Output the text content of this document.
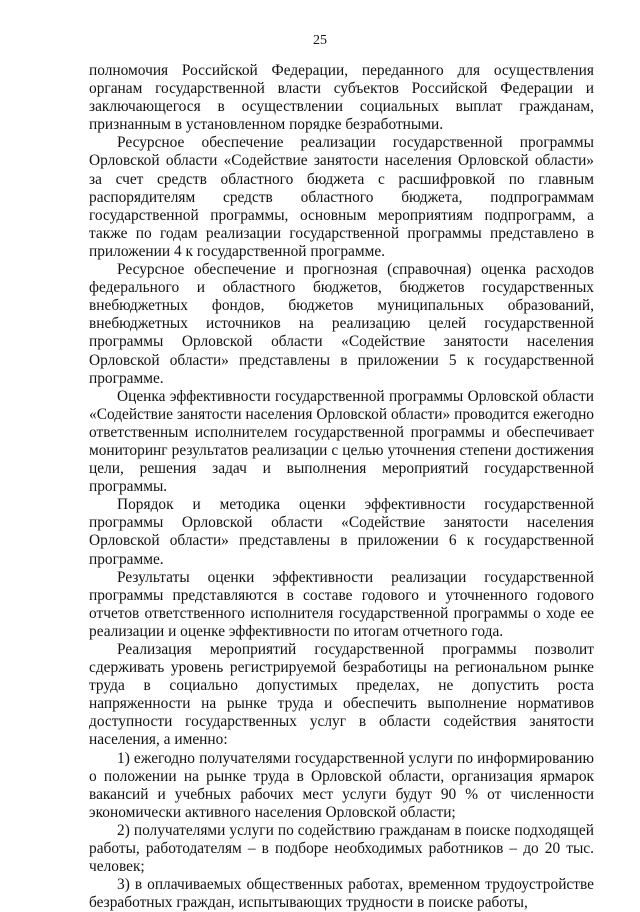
25

полномочия Российской Федерации, переданного для осуществления органам государственной власти субъектов Российской Федерации и заключающегося в осуществлении социальных выплат гражданам, признанным в установленном порядке безработными.

Ресурсное обеспечение реализации государственной программы Орловской области «Содействие занятости населения Орловской области» за счет средств областного бюджета с расшифровкой по главным распорядителям средств областного бюджета, подпрограммам государственной программы, основным мероприятиям подпрограмм, а также по годам реализации государственной программы представлено в приложении 4 к государственной программе.

Ресурсное обеспечение и прогнозная (справочная) оценка расходов федерального и областного бюджетов, бюджетов государственных внебюджетных фондов, бюджетов муниципальных образований, внебюджетных источников на реализацию целей государственной программы Орловской области «Содействие занятости населения Орловской области» представлены в приложении 5 к государственной программе.

Оценка эффективности государственной программы Орловской области «Содействие занятости населения Орловской области» проводится ежегодно ответственным исполнителем государственной программы и обеспечивает мониторинг результатов реализации с целью уточнения степени достижения цели, решения задач и выполнения мероприятий государственной программы.

Порядок и методика оценки эффективности государственной программы Орловской области «Содействие занятости населения Орловской области» представлены в приложении 6 к государственной программе.

Результаты оценки эффективности реализации государственной программы представляются в составе годового и уточненного годового отчетов ответственного исполнителя государственной программы о ходе ее реализации и оценке эффективности по итогам отчетного года.

Реализация мероприятий государственной программы позволит сдерживать уровень регистрируемой безработицы на региональном рынке труда в социально допустимых пределах, не допустить роста напряженности на рынке труда и обеспечить выполнение нормативов доступности государственных услуг в области содействия занятости населения, а именно:

1) ежегодно получателями государственной услуги по информированию о положении на рынке труда в Орловской области, организация ярмарок вакансий и учебных рабочих мест услуги будут 90 % от численности экономически активного населения Орловской области;

2) получателями услуги по содействию гражданам в поиске подходящей работы, работодателям – в подборе необходимых работников – до 20 тыс. человек;

3) в оплачиваемых общественных работах, временном трудоустройстве безработных граждан, испытывающих трудности в поиске работы,
